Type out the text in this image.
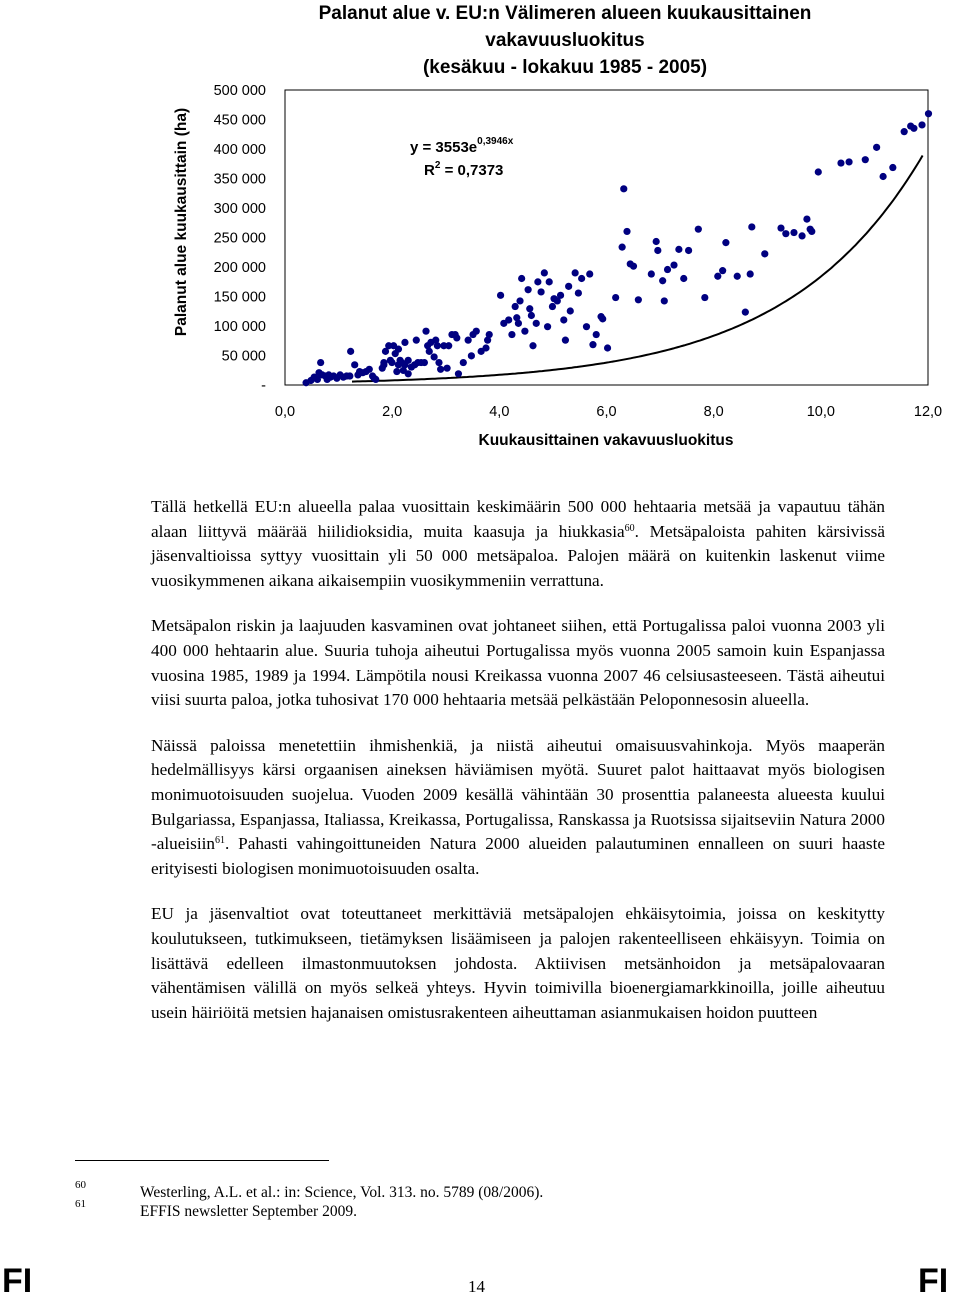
Palanut alue v. EU:n Välimeren alueen kuukausittainen
vakavuusluokitus
(kesäkuu - lokakuu 1985 - 2005)
-
50 000
100 000
150 000
200 000
250 000
300 000
350 000
400 000
450 000
500 000
0,0	2,0	4,0	6,0	8,0	10,0	12,0
Palanut alue kuukausittain (ha)
Kuukausittainen vakavuusluokitus
$y = 3553e^{0,3946x}$
$R^2 = 0,7373$

Tällä hetkellä EU:n alueella palaa vuosittain keskimäärin 500 000 hehtaaria metsää ja vapautuu tähän alaan liittyvä määrää hiilidioksidia, muita kaasuja ja hiukkasia$^{60}$. Metsäpaloista pahiten kärsivissä jäsenvaltioissa syttyy vuosittain yli 50 000 metsäpaloa. Palojen määrä on kuitenkin laskenut viime vuosikymmenen aikana aikaisempiin vuosikymmeniin verrattuna.

Metsäpalon riskin ja laajuuden kasvaminen ovat johtaneet siihen, että Portugalissa paloi vuonna 2003 yli 400 000 hehtaarin alue. Suuria tuhoja aiheutui Portugalissa myös vuonna 2005 samoin kuin Espanjassa vuosina 1985, 1989 ja 1994. Lämpötila nousi Kreikassa vuonna 2007 46 celsiusasteeseen. Tästä aiheutui viisi suurta paloa, jotka tuhosivat 170 000 hehtaaria metsää pelkästään Peloponnesosin alueella.

Näissä paloissa menetettiin ihmishenkiä, ja niistä aiheutui omaisuusvahinkoja. Myös maaperän hedelmällisyys kärsi orgaanisen aineksen häviämisen myötä. Suuret palot haittaavat myös biologisen monimuotoisuuden suojelua. Vuoden 2009 kesällä vähintään 30 prosenttia palaneesta alueesta kuului Bulgariassa, Espanjassa, Italiassa, Kreikassa, Portugalissa, Ranskassa ja Ruotsissa sijaitseviin Natura 2000 -alueisiin$^{61}$. Pahasti vahingoittuneiden Natura 2000 alueiden palautuminen ennalleen on suuri haaste erityisesti biologisen monimuotoisuuden osalta.

EU ja jäsenvaltiot ovat toteuttaneet merkittäviä metsäpalojen ehkäisytoimia, joissa on keskitytty koulutukseen, tutkimukseen, tietämyksen lisäämiseen ja palojen rakenteelliseen ehkäisyyn. Toimia on lisättävä edelleen ilmastonmuutoksen johdosta. Aktiivisen metsänhoidon ja metsäpalovaaran vähentämisen välillä on myös selkeä yhteys. Hyvin toimivilla bioenergiamarkkinoilla, joille aiheutuu usein häiriöitä metsien hajanaisen omistusrakenteen aiheuttaman asianmukaisen hoidon puutteen

60	Westerling, A.L. et al.: in: Science, Vol. 313. no. 5789 (08/2006).
61	EFFIS newsletter September 2009.
14
FI	FI
